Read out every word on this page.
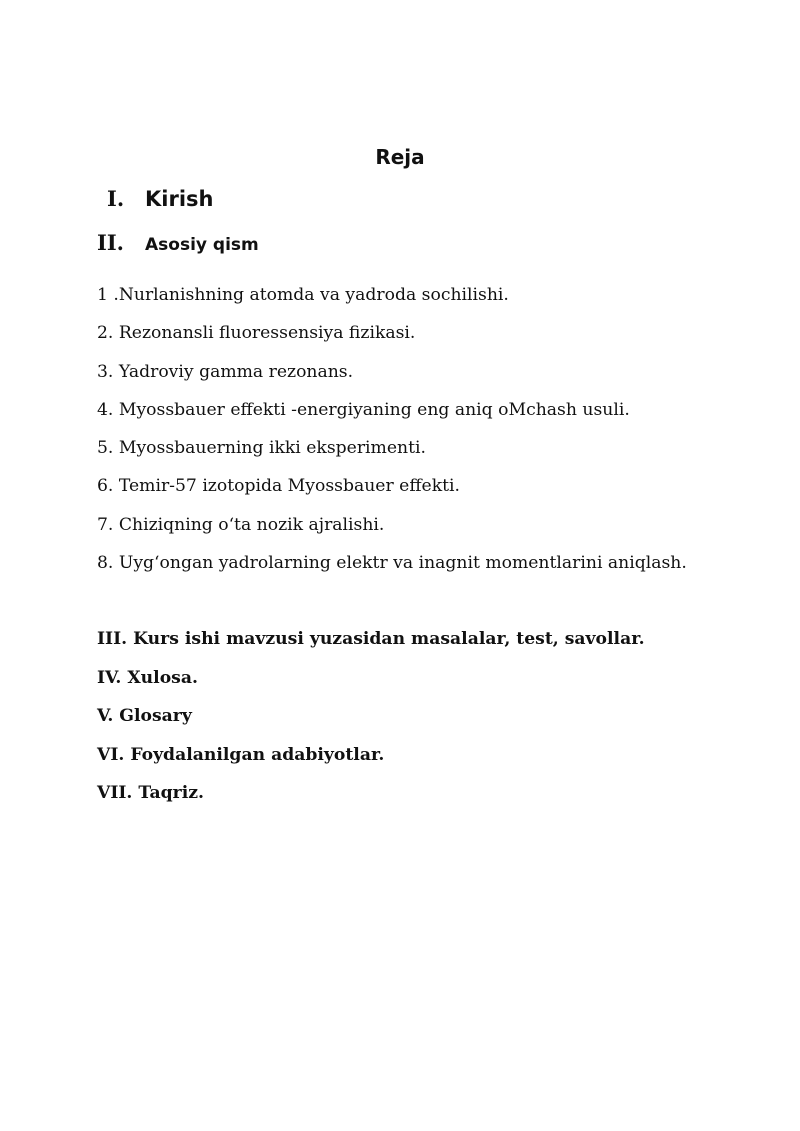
Reja
I. Kirish
II.	Asosiy qism
1 .Nurlanishning atomda va yadroda sochilishi.
2. Rezonansli fluoressensiya fizikasi.
3. Yadroviy gamma rezonans.
4. Myossbauer effekti -energiyaning eng aniq oMchash usuli.
5. Myossbauerning ikki eksperimenti.
6. Temir-57 izotopida Myossbauer effekti.
7. Chiziqning o‘ta nozik ajralishi.
8. Uyg‘ongan yadrolarning elektr va inagnit momentlarini aniqlash.
III. Kurs ishi mavzusi yuzasidan masalalar, test, savollar.
IV. Xulosa.
V. Glosary
VI. Foydalanilgan adabiyotlar.
VII. Taqriz.
